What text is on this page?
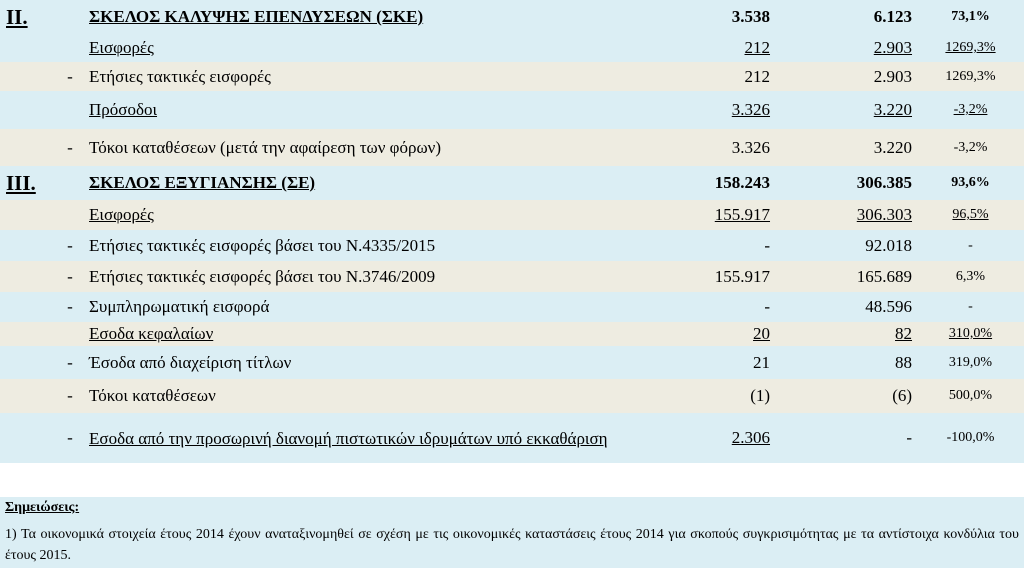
II.		ΣΚΕΛΟΣ ΚΑΛΥΨΗΣ ΕΠΕΝΔΥΣΕΩΝ (ΣΚΕ)	3.538	6.123	73,1%
		Εισφορές	212	2.903	1269,3%
	-	Ετήσιες τακτικές εισφορές	212	2.903	1269,3%
		Πρόσοδοι	3.326	3.220	-3,2%
	-	Τόκοι καταθέσεων (μετά την αφαίρεση των φόρων)	3.326	3.220	-3,2%
III.		ΣΚΕΛΟΣ ΕΞΥΓΙΑΝΣΗΣ (ΣΕ)	158.243	306.385	93,6%
		Εισφορές	155.917	306.303	96,5%
	-	Ετήσιες τακτικές εισφορές βάσει του Ν.4335/2015	-	92.018	-
	-	Ετήσιες τακτικές εισφορές βάσει του Ν.3746/2009	155.917	165.689	6,3%
	-	Συμπληρωματική εισφορά	-	48.596	-
		Εσοδα κεφαλαίων	20	82	310,0%
	-	Έσοδα από διαχείριση τίτλων	21	88	319,0%
	-	Τόκοι καταθέσεων	(1)	(6)	500,0%
	-	Εσοδα από την προσωρινή διανομή πιστωτικών ιδρυμάτων υπό εκκαθάριση	2.306	-	-100,0%
Σημειώσεις:
1) Τα οικονομικά στοιχεία έτους 2014 έχουν αναταξινομηθεί σε σχέση με τις οικονομικές καταστάσεις έτους 2014 για σκοπούς συγκρισιμότητας με τα αντίστοιχα κονδύλια του έτους 2015.
